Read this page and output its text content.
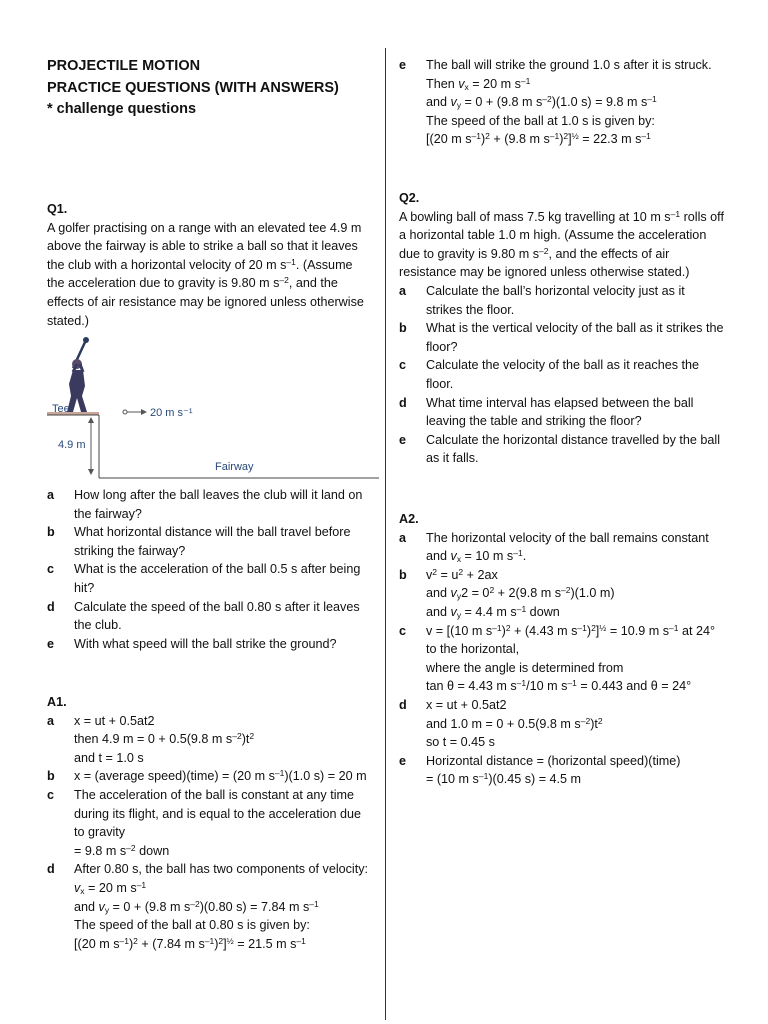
PROJECTILE MOTION
PRACTICE QUESTIONS (WITH ANSWERS)
* challenge questions

Q1.

A golfer practising on a range with an elevated tee 4.9 m above the fairway is able to strike a ball so that it leaves the club with a horizontal velocity of 20 m $s^{-1}$. (Assume the acceleration due to gravity is 9.80 m $s^{-2}$, and the effects of air resistance may be ignored unless otherwise stated.)

a	How long after the ball leaves the club will it land on the fairway?
b	What horizontal distance will the ball travel before striking the fairway?
c	What is the acceleration of the ball 0.5 s after being hit?
d	Calculate the speed of the ball 0.80 s after it leaves the club.
e	With what speed will the ball strike the ground?

A1.

a	x = ut + 0.5at2
then 4.9 m = 0 + 0.5(9.8 m $s^{-2})t^2$
and t = 1.0 s
b	x = (average speed)(time) = (20 m $s^{-1})(1.0$ s) = 20 m
c	The acceleration of the ball is constant at any time during its flight, and is equal to the acceleration due to gravity
= 9.8 m $s^{-2}$ down
d	After 0.80 s, the ball has two components of velocity:
$v_x = 20$ m $s^{-1}$
and $v_y = 0 + (9.8$ m $s^{-2})(0.80$ s) = 7.84 m $s^{-1}$
The speed of the ball at 0.80 s is given by:
[(20 m $s^{-1})^2 + (7.84$ m $s^{-1})^2]^{\frac{1}{2}} = 21.5$ m $s^{-1}$
20 m s⁻¹
Tee
4.9 m
Fairway
e	The ball will strike the ground 1.0 s after it is struck.
Then $v_x = 20$ m $s^{-1}$
and $v_y = 0 + (9.8$ m $s^{-2})(1.0$ s) = 9.8 m $s^{-1}$
The speed of the ball at 1.0 s is given by:
[(20 m $s^{-1})^2 + (9.8$ m $s^{-1})^2]^{\frac{1}{2}} = 22.3$ m $s^{-1}$

Q2.

A bowling ball of mass 7.5 kg travelling at 10 m $s^{-1}$ rolls off a horizontal table 1.0 m high. (Assume the acceleration due to gravity is 9.80 m $s^{-2}$, and the effects of air resistance may be ignored unless otherwise stated.)

a	Calculate the ball’s horizontal velocity just as it strikes the floor.
b	What is the vertical velocity of the ball as it strikes the floor?
c	Calculate the velocity of the ball as it reaches the floor.
d	What time interval has elapsed between the ball leaving the table and striking the floor?
e	Calculate the horizontal distance travelled by the ball as it falls.

A2.

a	The horizontal velocity of the ball remains constant and $v_x = 10$ m $s^{-1}$.
b	$v^2 = u^2 + 2ax$
and $v_y2 = 0^2 + 2(9.8$ m $s^{-2})(1.0$ m)
and $v_y = 4.4$ m $s^{-1}$ down
c	v = [(10 m $s^{-1})^2 + (4.43$ m $s^{-1})^2]^{\frac{1}{2}} = 10.9$ m $s^{-1}$ at 24° to the horizontal,
where the angle is determined from
tan θ = 4.43 m $s^{-1}/10$ m $s^{-1} = 0.443$ and θ = 24°
d	x = ut + 0.5at2
and 1.0 m = 0 + 0.5(9.8 m $s^{-2})t^2$
so t = 0.45 s
e	Horizontal distance = (horizontal speed)(time)
= (10 m $s^{-1})(0.45$ s) = 4.5 m
